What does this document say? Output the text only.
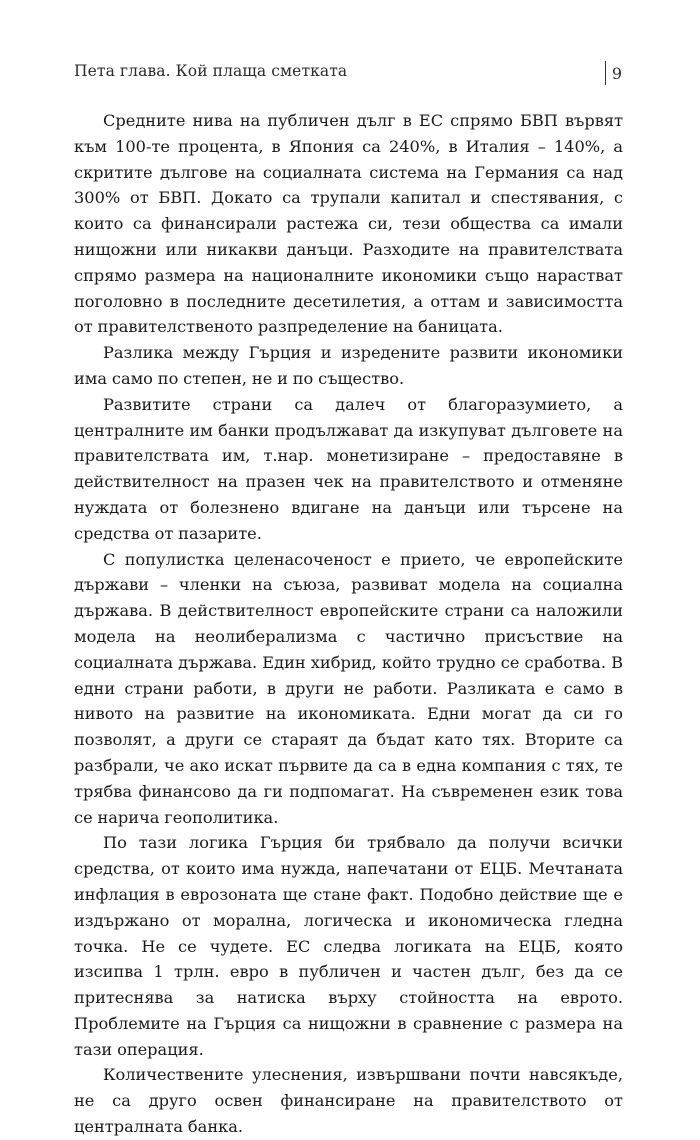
Пета глава. Кой плаща сметката	9

Средните нива на публичен дълг в ЕС спрямо БВП вървят към 100-те процента, в Япония са 240%, в Италия – 140%, а скритите дългове на социалната система на Германия са над 300% от БВП. Докато са трупали капитал и спестявания, с които са финансирали растежа си, тези общества са имали нищожни или никакви данъци. Разходите на правителствата спрямо размера на националните икономики също нарастват поголовно в последните десетилетия, а оттам и зависимостта от правителственото разпределение на баницата.

Разлика между Гърция и изредените развити икономики има само по степен, не и по същество.

Развитите страни са далеч от благоразумието, а централните им банки продължават да изкупуват дълговете на правителствата им, т.нар. монетизиране – предоставяне в действителност на празен чек на правителството и отменяне нуждата от болезнено вдигане на данъци или търсене на средства от пазарите.

С популистка целенасоченост е прието, че европейските държави – членки на съюза, развиват модела на социална държава. В действителност европейските страни са наложили модела на неолиберализма с частично присъствие на социалната държава. Един хибрид, който трудно се сработва. В едни страни работи, в други не работи. Разликата е само в нивото на развитие на икономиката. Едни могат да си го позволят, а други се стараят да бъдат като тях. Вторите са разбрали, че ако искат първите да са в една компания с тях, те трябва финансово да ги подпомагат. На съвременен език това се нарича геополитика.

По тази логика Гърция би трябвало да получи всички средства, от които има нужда, напечатани от ЕЦБ. Мечтаната инфлация в еврозоната ще стане факт. Подобно действие ще е издържано от морална, логическа и икономическа гледна точка. Не се чудете. ЕС следва логиката на ЕЦБ, която изсипва 1 трлн. евро в публичен и частен дълг, без да се притеснява за натиска върху стойността на еврото. Проблемите на Гърция са нищожни в сравнение с размера на тази операция.

Количествените улеснения, извършвани почти навсякъде, не са друго освен финансиране на правителството от централната банка.
